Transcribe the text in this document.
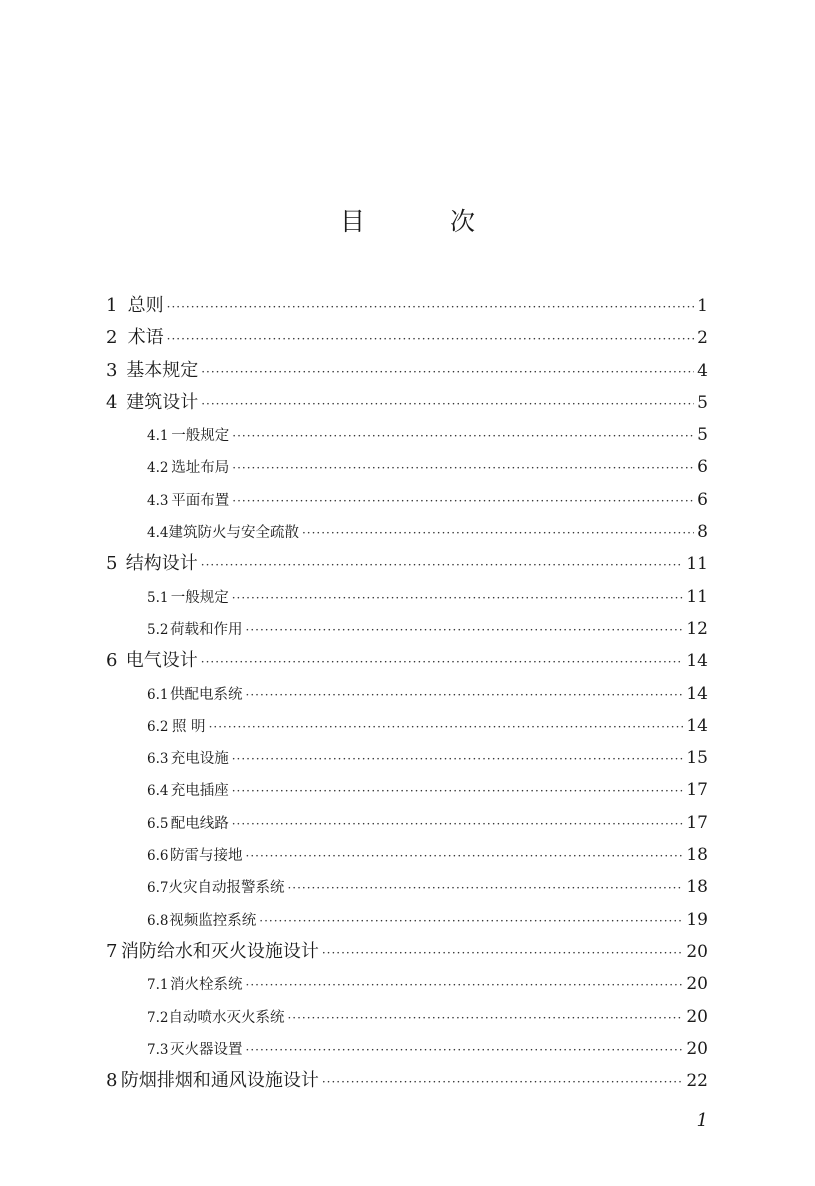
目　次
1 总则 ·····	1
2 术语 ·····	2
3 基本规定 ·····	4
4 建筑设计 ·····	5
4.1 一般规定 ·····	5
4.2 选址布局 ·····	6
4.3 平面布置 ·····	6
4.4 建筑防火与安全疏散 ·····	8
5 结构设计 ·····	11
5.1 一般规定 ·····	11
5.2 荷载和作用 ·····	12
6 电气设计 ·····	14
6.1 供配电系统 ·····	14
6.2 照 明 ·····	14
6.3 充电设施 ·····	15
6.4 充电插座 ·····	17
6.5 配电线路 ·····	17
6.6 防雷与接地 ·····	18
6.7 火灾自动报警系统 ·····	18
6.8 视频监控系统 ·····	19
7 消防给水和灭火设施设计 ·····	20
7.1 消火栓系统 ·····	20
7.2 自动喷水灭火系统 ·····	20
7.3 灭火器设置 ·····	20
8 防烟排烟和通风设施设计 ·····	22
1
